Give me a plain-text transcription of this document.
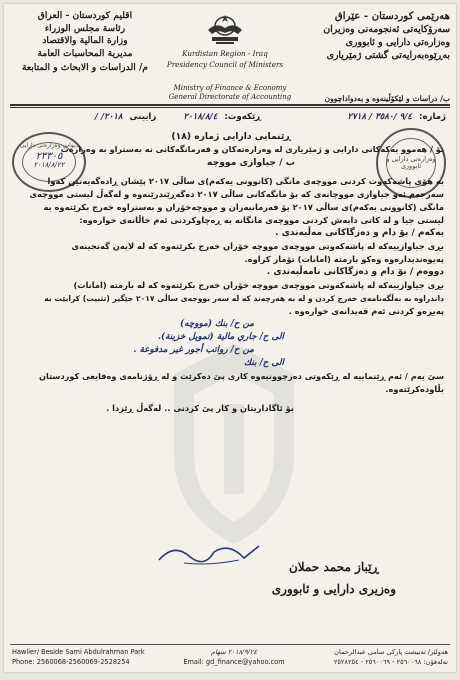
هەرێمی کوردستان - عێراق
سەرۆکایەتی ئەنجومەنی وەزیران
وەزارەتی دارایی و ئابووری
بەڕێوەبەرایەتی گشتی ژمێریاری
Kurdistan Region - Iraq
Presidency Council of Ministers
اقليم كوردستان - العراق
رئاسة مجلس الوزراء
وزارة المالية والاقتصاد
مديرية المحاسبات العامة
م/ الدراسات و الابحاث و المتابعة
Ministry of Finance & Economy
General Directorate of Accounting	ب/ دراسات و لێکۆڵینەوە و بەدواداچوون
ژمارە: ٩/٤ /٣٥٨٠ / ٢٧١٨ ڕێکەوت: ٢٠١٨/٨/٤ زایینی ٢٠١٨/ /
دیوانی وەزارەتی دارایی
٢٣٣٠٥
٢٠١٨/٨/٢٢
وەزارەتی دارایی و ئابووری

ڕێنمایی دارایی ژمارە (١٨)

بۆ / هەموو یەکەکانی دارایی و ژمێریاری لە وەزارەتەکان و فەرمانگەکانی نە بەستراو بە وەزارەت

ب / جیاوازی مووچە

بە هۆی پاشەکەوت کردنی مووچەی مانگی (کانوونی یەکەم)ی ساڵی ٢٠١٧ پێشان ڕادەگەیەنین کەوا

سەرجەم ئەو جیاوازی مووچانەی کە بۆ مانگەکانی ساڵی ٢٠١٧ دەگەڕێندرێنەوە و لەگەڵ لیستی مووچەی

مانگی (کانوونی یەکەم)ی ساڵی ٢٠١٧ بۆ فەرمانبەران و مووچەخۆران و بەستراوە خەرج بکرێتەوە بە

لیستی جیا و لە کاتی دابەش کردنی مووچەی مانگانە بە ڕەچاوکردنی ئەم خاڵانەی خوارەوە:

یەکەم / بۆ دام و دەزگاکانی مەڵبەندی .

بڕی جیاوازییەکە لە پاشەکەوتی مووچەی مووچە خۆران خەرج بکرێتەوە کە لە لایەن گەنجینەی

پەیوەندیدارەوە وەکو بارمتە (امانات) تۆمار کراوە.

دووەم / بۆ دام و دەزگاکانی نامەڵبەندی .

بڕی جیاوازییەکە لە پاشەکەوتی مووچەی مووچە خۆران خەرج بکرێتەوە کە لە بارمتە (امانات)

داندراوە بە بەڵگەنامەی خەرج کردن و لە بە هەرچەند کە لە سەر بووجەی ساڵی ٢٠١٧ جێگیر (تثبیت) کرابێت بە

پەیڕەو کردنی ئەم قەیدانەی خوارەوە .

من ح/ بنك (مووچە)

الى ح/ جاري مالية (تمويل خزينة).

من ح/ رواتب أجور غير مدفوعة .

الى ح/ بنك

سێ یەم / ئەم ڕێنماییە لە ڕێکەوتی دەرچوونیەوە کاری پێ دەکرێت و لە ڕۆژنامەی وەقایعی کوردستان

بڵاودەکرێتەوە.

بۆ ئاگاداریتان و کار پێ کردنی .. لەگەڵ ڕێزدا .

ڕێباز محمد حملان
وەزیری دارایی و ئابووری
Hawlier/ Beside Sami Abdulrahman Park
Phone: 2560068-2560069-2528254
٢٠١٨/٩/٢٤ سهام
Email: gd_finance@yahoo.com
هەولێر/ تەنیشت پارکی سامی عبدالرحمان
تەلەفۆن: ٢٥٦٠٠٦٨ - ٢٥٦٠٠٦٩ - ٢٥٢٨٢٥٤
